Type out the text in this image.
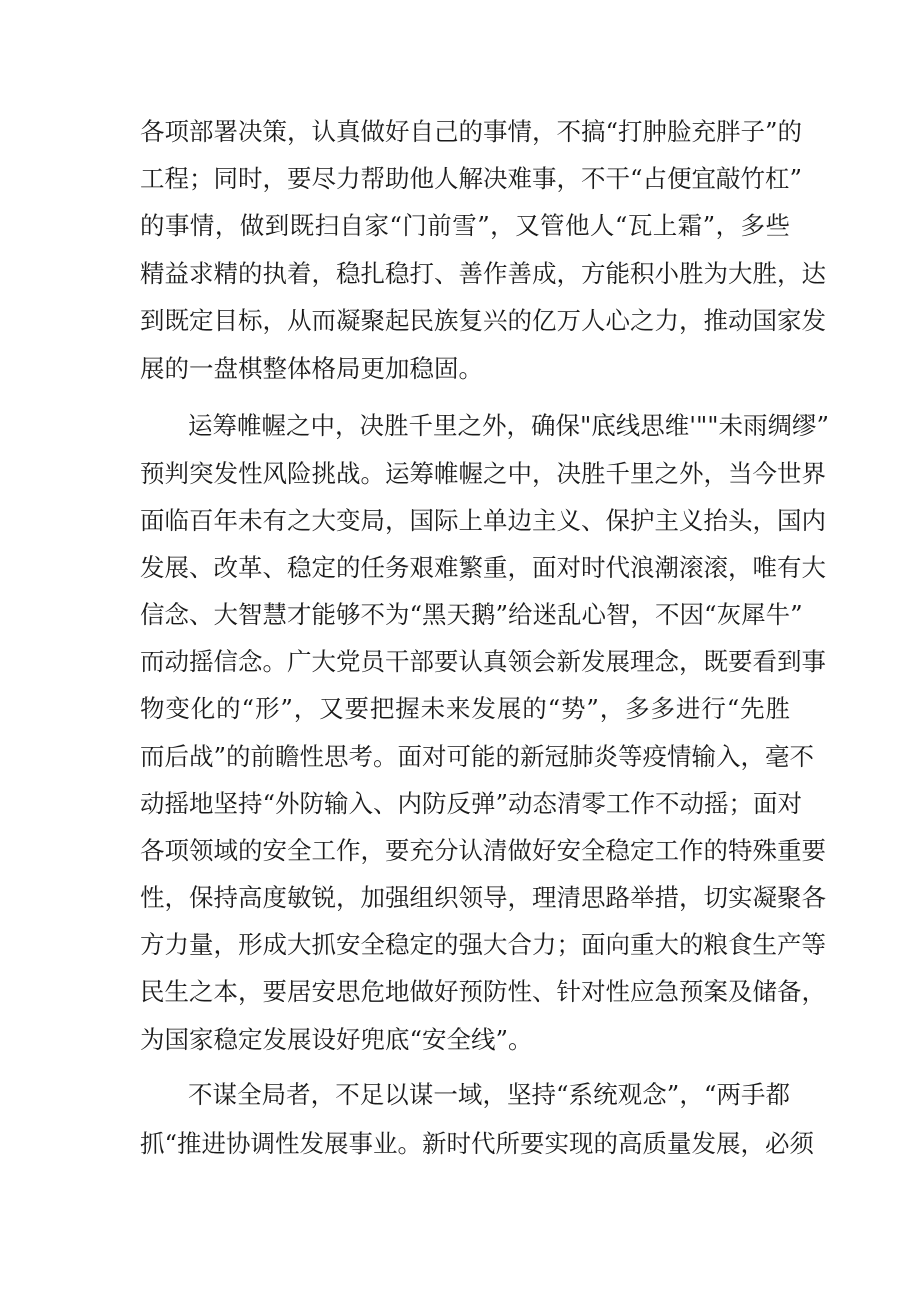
各项部署决策，认真做好自己的事情，不搞“打肿脸充胖子”的
工程；同时，要尽力帮助他人解决难事，不干“占便宜敲竹杠”
的事情，做到既扫自家“门前雪”，又管他人“瓦上霜”，多些
精益求精的执着，稳扎稳打、善作善成，方能积小胜为大胜，达
到既定目标，从而凝聚起民族复兴的亿万人心之力，推动国家发
展的一盘棋整体格局更加稳固。
运筹帷幄之中，决胜千里之外，确保"底线思维'""未雨绸缪”
预判突发性风险挑战。运筹帷幄之中，决胜千里之外，当今世界
面临百年未有之大变局，国际上单边主义、保护主义抬头，国内
发展、改革、稳定的任务艰难繁重，面对时代浪潮滚滚，唯有大
信念、大智慧才能够不为“黑天鹅”给迷乱心智，不因“灰犀牛”
而动摇信念。广大党员干部要认真领会新发展理念，既要看到事
物变化的“形”，又要把握未来发展的“势”，多多进行“先胜
而后战”的前瞻性思考。面对可能的新冠肺炎等疫情输入，毫不
动摇地坚持“外防输入、内防反弹”动态清零工作不动摇；面对
各项领域的安全工作，要充分认清做好安全稳定工作的特殊重要
性，保持高度敏锐，加强组织领导，理清思路举措，切实凝聚各
方力量，形成大抓安全稳定的强大合力；面向重大的粮食生产等
民生之本，要居安思危地做好预防性、针对性应急预案及储备，
为国家稳定发展设好兜底“安全线”。
不谋全局者，不足以谋一域，坚持“系统观念”，“两手都
抓“推进协调性发展事业。新时代所要实现的高质量发展，必须
